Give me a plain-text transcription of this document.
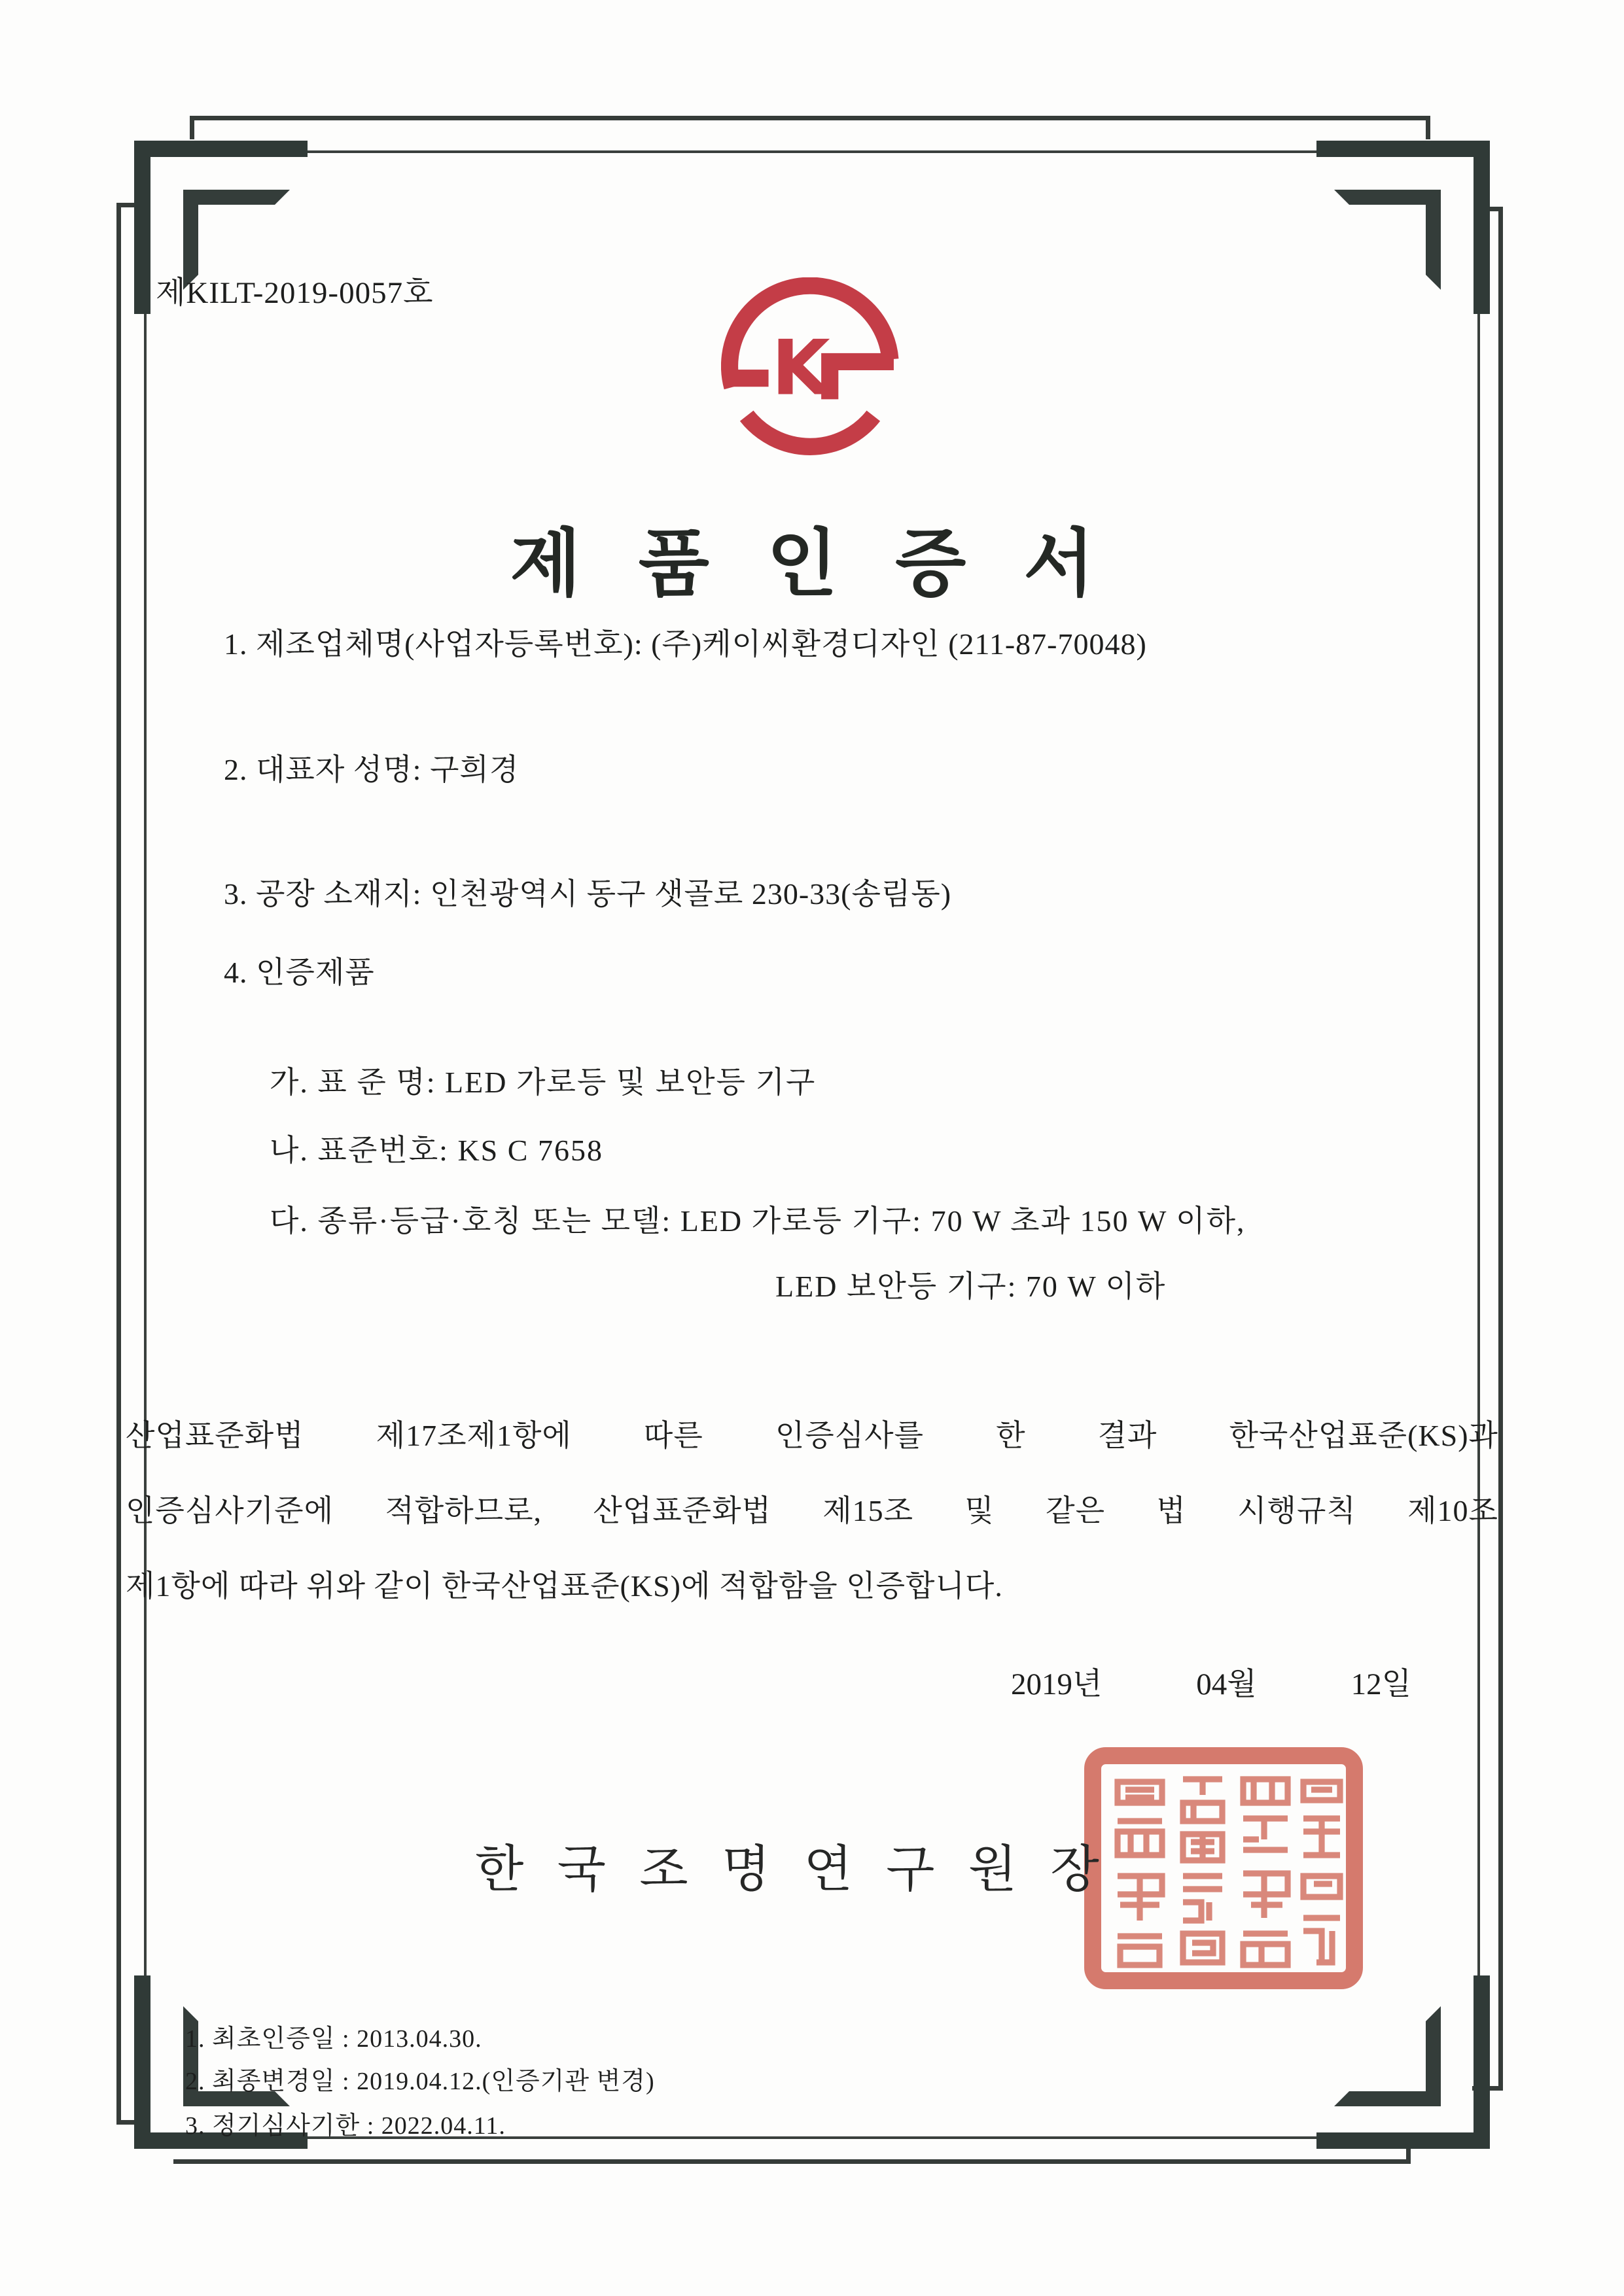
제KILT-2019-0057호
K
제 품 인 증 서
1. 제조업체명(사업자등록번호): (주)케이씨환경디자인 (211-87-70048)
2. 대표자 성명: 구희경
3. 공장 소재지: 인천광역시 동구 샛골로 230-33(송림동)
4. 인증제품
가. 표 준 명: LED 가로등 및 보안등 기구
나. 표준번호: KS C 7658
다. 종류·등급·호칭 또는 모델: LED 가로등 기구: 70 W 초과 150 W 이하,
LED 보안등 기구: 70 W 이하
산업표준화법 제17조제1항에 따른 인증심사를 한 결과 한국산업표준(KS)과
인증심사기준에 적합하므로, 산업표준화법 제15조 및 같은 법 시행규칙 제10조
제1항에 따라 위와 같이 한국산업표준(KS)에 적합함을 인증합니다.
2019년	04월	12일
한 국 조 명 연 구 원 장
1. 최초인증일 : 2013.04.30.
2. 최종변경일 : 2019.04.12.(인증기관 변경)
3. 정기심사기한 : 2022.04.11.
